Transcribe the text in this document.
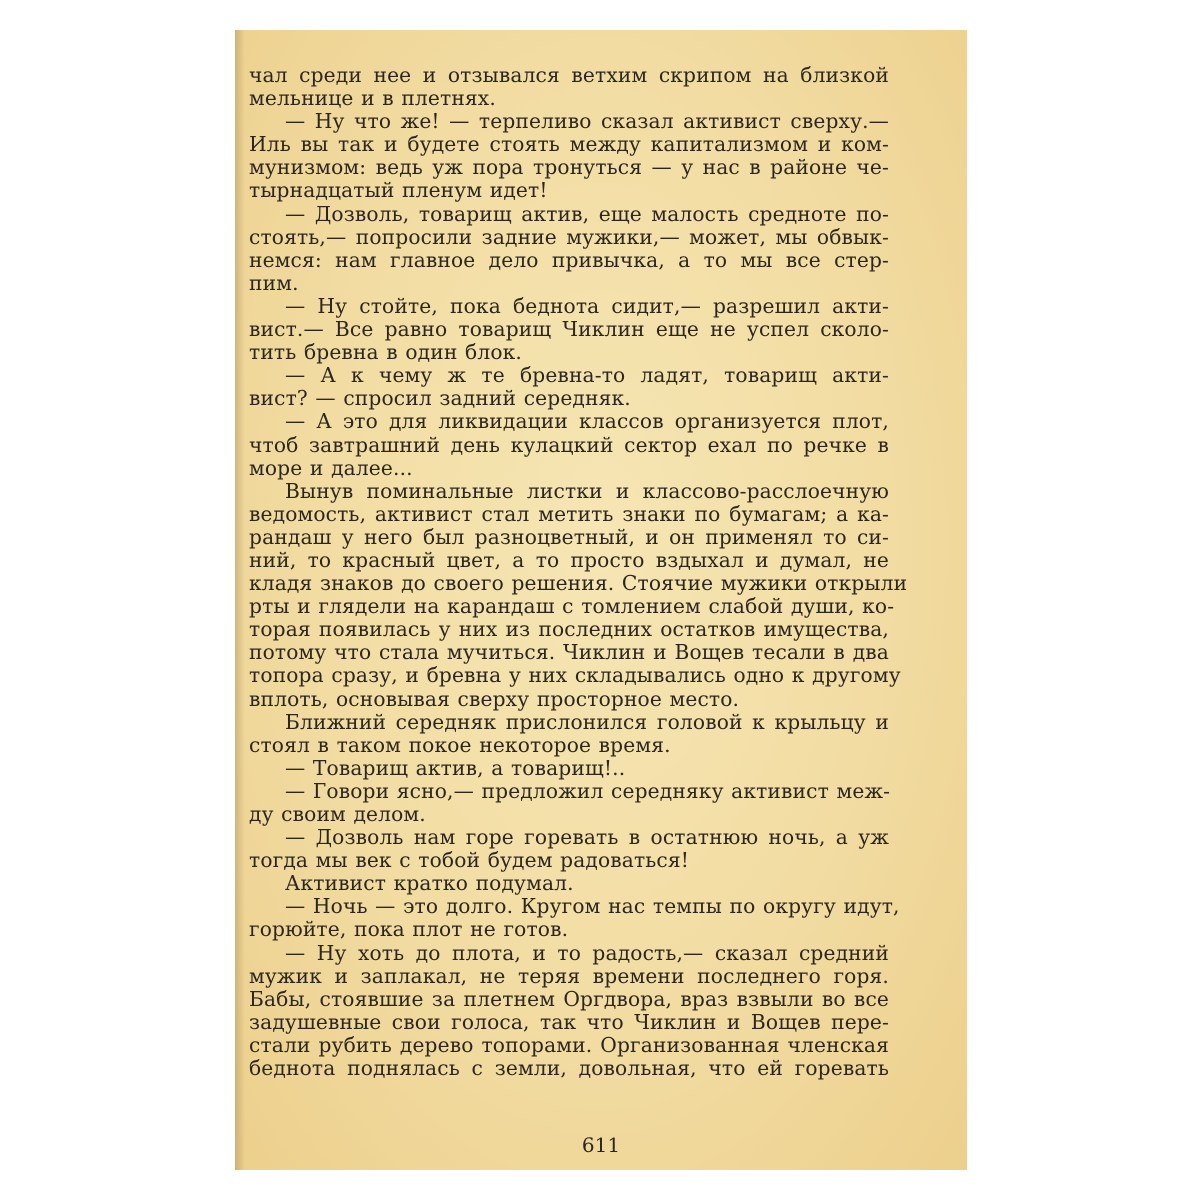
чал среди нее и отзывался ветхим скрипом на близкой
мельнице и в плетнях.
— Ну что же! — терпеливо сказал активист сверху.—
Иль вы так и будете стоять между капитализмом и ком-
мунизмом: ведь уж пора тронуться — у нас в районе че-
тырнадцатый пленум идет!
— Дозволь, товарищ актив, еще малость средноте по-
стоять,— попросили задние мужики,— может, мы обвык-
немся: нам главное дело привычка, а то мы все стер-
пим.
— Ну стойте, пока беднота сидит,— разрешил акти-
вист.— Все равно товарищ Чиклин еще не успел сколо-
тить бревна в один блок.
— А к чему ж те бревна-то ладят, товарищ акти-
вист? — спросил задний середняк.
— А это для ликвидации классов организуется плот,
чтоб завтрашний день кулацкий сектор ехал по речке в
море и далее...
Вынув поминальные листки и классово-расслоечную
ведомость, активист стал метить знаки по бумагам; а ка-
рандаш у него был разноцветный, и он применял то си-
ний, то красный цвет, а то просто вздыхал и думал, не
кладя знаков до своего решения. Стоячие мужики открыли
рты и глядели на карандаш с томлением слабой души, ко-
торая появилась у них из последних остатков имущества,
потому что стала мучиться. Чиклин и Вощев тесали в два
топора сразу, и бревна у них складывались одно к другому
вплоть, основывая сверху просторное место.
Ближний середняк прислонился головой к крыльцу и
стоял в таком покое некоторое время.
— Товарищ актив, а товарищ!..
— Говори ясно,— предложил середняку активист меж-
ду своим делом.
— Дозволь нам горе горевать в остатнюю ночь, а уж
тогда мы век с тобой будем радоваться!
Активист кратко подумал.
— Ночь — это долго. Кругом нас темпы по округу идут,
горюйте, пока плот не готов.
— Ну хоть до плота, и то радость,— сказал средний
мужик и заплакал, не теряя времени последнего горя.
Бабы, стоявшие за плетнем Оргдвора, враз взвыли во все
задушевные свои голоса, так что Чиклин и Вощев пере-
стали рубить дерево топорами. Организованная членская
беднота поднялась с земли, довольная, что ей горевать
611
